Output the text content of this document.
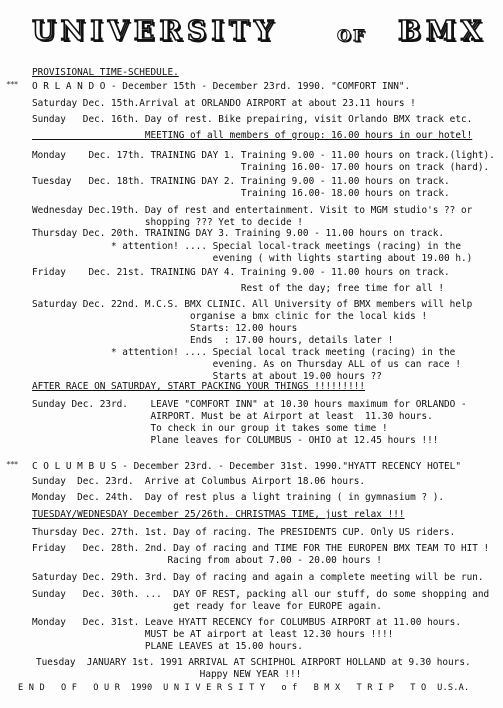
UNIVERSITY	OF BMX
***
***
PROVISIONAL TIME-SCHEDULE.
O R L A N D O - December 15th - December 23rd. 1990. "COMFORT INN".
Saturday Dec. 15th.Arrival at ORLANDO AIRPORT at about 23.11 hours !
Sunday   Dec. 16th. Day of rest. Bike prepairing, visit Orlando BMX track etc.
MEETING of all members of group: 16.00 hours in our hotel!
Monday    Dec. 17th. TRAINING DAY 1. Training 9.00 - 11.00 hours on track.(light).
Training 16.00- 17.00 hours on track (hard).
Tuesday   Dec. 18th. TRAINING DAY 2. Training 9.00 - 11.00 hours on track.
Training 16.00- 18.00 hours on track.
Wednesday Dec.19th. Day of rest and entertainment. Visit to MGM studio's ?? or
shopping ??? Yet to decide !
Thursday Dec. 20th. TRAINING DAY 3. Training 9.00 - 11.00 hours on track.
* attention! .... Special local-track meetings (racing) in the
evening ( with lights starting about 19.00 h.)
Friday    Dec. 21st. TRAINING DAY 4. Training 9.00 - 11.00 hours on track.
Rest of the day; free time for all !
Saturday Dec. 22nd. M.C.S. BMX CLINIC. All University of BMX members will help
organise a bmx clinic for the local kids !
Starts: 12.00 hours
Ends  : 17.00 hours, details later !
* attention! .... Special local track meeting (racing) in the
evening. As on Thursday ALL of us can race !
Starts at about 19.00 hours ??
AFTER RACE ON SATURDAY, START PACKING YOUR THINGS !!!!!!!!!
Sunday Dec. 23rd.    LEAVE "COMFORT INN" at 10.30 hours maximum for ORLANDO -
AIRPORT. Must be at Airport at least  11.30 hours.
To check in our group it takes some time !
Plane leaves for COLUMBUS - OHIO at 12.45 hours !!!
C O L U M B U S - December 23rd. - December 31st. 1990."HYATT RECENCY HOTEL"
Sunday  Dec. 23rd.  Arrive at Columbus Airport 18.06 hours.
Monday  Dec. 24th.  Day of rest plus a light training ( in gymnasium ? ).
TUESDAY/WEDNESDAY December 25/26th. CHRISTMAS TIME, just relax !!!
Thursday Dec. 27th. 1st. Day of racing. The PRESIDENTS CUP. Only US riders.
Friday   Dec. 28th. 2nd. Day of racing and TIME FOR THE EUROPEN BMX TEAM TO HIT !
Racing from about 7.00 - 20.00 hours !
Saturday Dec. 29th. 3rd. Day of racing and again a complete meeting will be run.
Sunday   Dec. 30th. ...  DAY OF REST, packing all our stuff, do some shopping and
get ready for leave for EUROPE again.
Monday   Dec. 31st. Leave HYATT RECENCY for COLUMBUS AIRPORT at 11.00 hours.
MUST be AT airport at least 12.30 hours !!!!
PLANE LEAVES at 15.00 hours.
Tuesday  JANUARY 1st. 1991 ARRIVAL AT SCHIPHOL AIRPORT HOLLAND at 9.30 hours.
Happy NEW YEAR !!!
E N D   O F   O U R  1990  U N I V E R S I T Y   o f   B M X   T R I P   T O  U.S.A.
